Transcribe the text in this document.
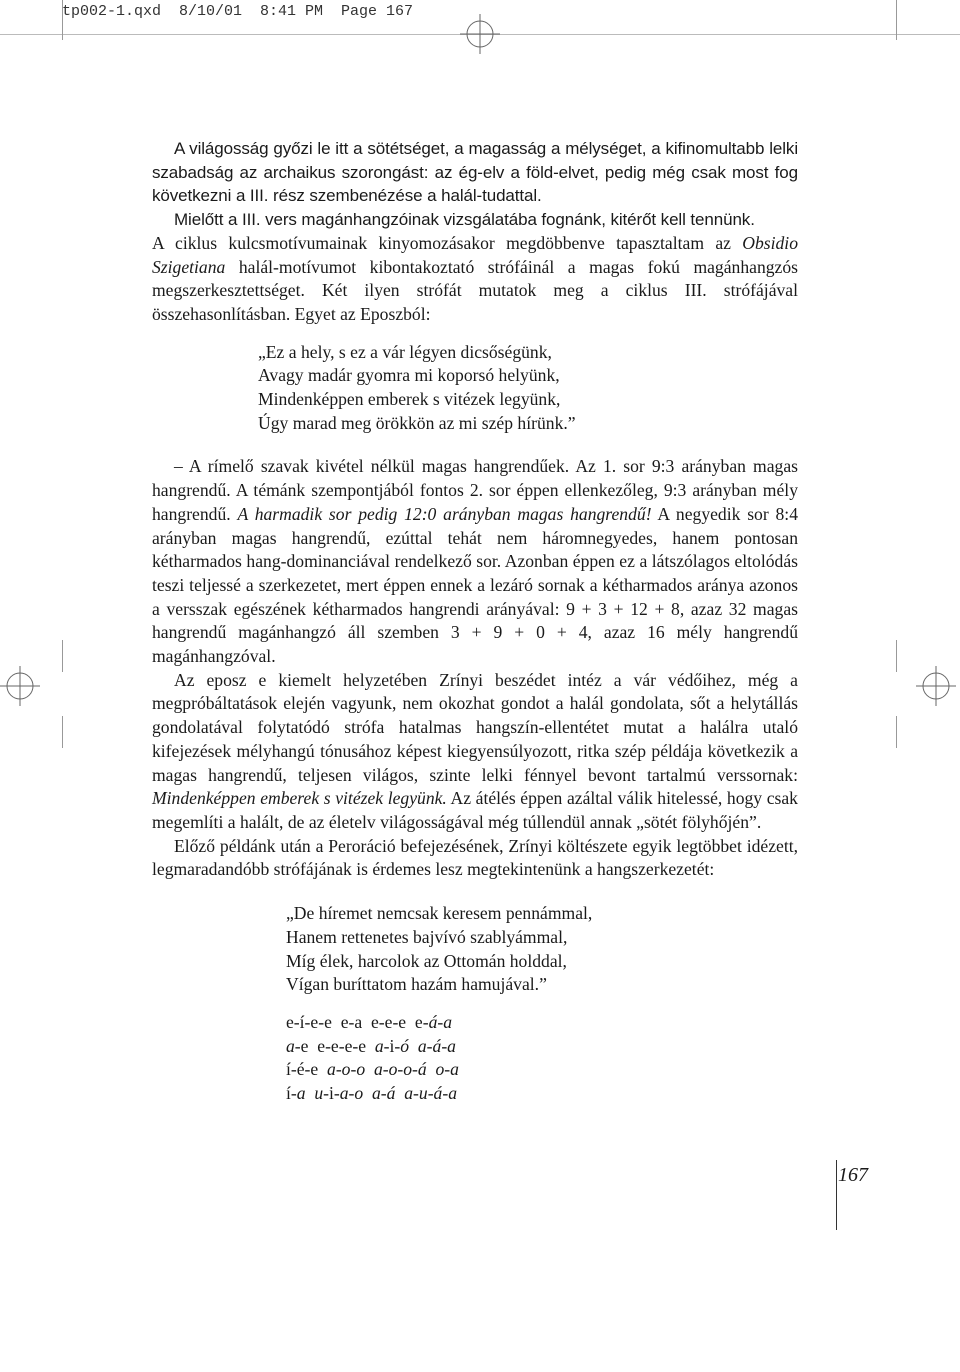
tp002-1.qxd  8/10/01  8:41 PM  Page 167

A világosság győzi le itt a sötétséget, a magasság a mélységet, a kifinomultabb lelki szabadság az archaikus szorongást: az ég-elv a föld-elvet, pedig még csak most fog következni a III. rész szembenézése a halál-tudattal.

Mielőtt a III. vers magánhangzóinak vizsgálatába fognánk, kitérőt kell tennünk.

A ciklus kulcsmotívumainak kinyomozásakor megdöbbenve tapasztaltam az Obsidio Szigetiana halál-motívumot kibontakoztató strófáinál a magas fokú magánhangzós megszerkesztettséget. Két ilyen strófát mutatok meg a ciklus III. strófájával összehasonlításban. Egyet az Eposzból:

„Ez a hely, s ez a vár légyen dicsőségünk,
Avagy madár gyomra mi koporsó helyünk,
Mindenképpen emberek s vitézek legyünk,
Úgy marad meg örökkön az mi szép hírünk.”

– A rímelő szavak kivétel nélkül magas hangrendűek. Az 1. sor 9:3 arányban magas hangrendű. A témánk szempontjából fontos 2. sor éppen ellenkezőleg, 9:3 arányban mély hangrendű. A harmadik sor pedig 12:0 arányban magas hangrendű! A negyedik sor 8:4 arányban magas hangrendű, ezúttal tehát nem háromnegyedes, hanem pontosan kétharmados hang-dominanciával rendelkező sor. Azonban éppen ez a látszólagos eltolódás teszi teljessé a szerkezetet, mert éppen ennek a lezáró sornak a kétharmados aránya azonos a versszak egészének kétharmados hangrendi arányával: 9 + 3 + 12 + 8, azaz 32 magas hangrendű magánhangzó áll szemben 3 + 9 + 0 + 4, azaz 16 mély hangrendű magánhangzóval.

Az eposz e kiemelt helyzetében Zrínyi beszédet intéz a vár védőihez, még a megpróbáltatások elején vagyunk, nem okozhat gondot a halál gondolata, sőt a helytállás gondolatával folytatódó strófa hatalmas hangszín-ellentétet mutat a halálra utaló kifejezések mélyhangú tónusához képest kiegyensúlyozott, ritka szép példája következik a magas hangrendű, teljesen világos, szinte lelki fénnyel bevont tartalmú verssornak: Mindenképpen emberek s vitézek legyünk. Az átélés éppen azáltal válik hitelessé, hogy csak megemlíti a halált, de az életelv világosságával még túllendül annak „sötét fölyhőjén”.

Előző példánk után a Peroráció befejezésének, Zrínyi költészete egyik legtöbbet idézett, legmaradandóbb strófájának is érdemes lesz megtekintenünk a hangszerkezetét:

„De híremet nemcsak keresem pennámmal,
Hanem rettenetes bajvívó szablyámmal,
Míg élek, harcolok az Ottomán holddal,
Vígan buríttatom hazám hamujával.”
e-í-e-e  e-a  e-e-e  e-á-a
a-e  e-e-e-e  a-i-ó a-á-a
í-é-e  a-o-o a-o-o-á o-a
í-a u-i-a-o a-á a-u-á-a
167
